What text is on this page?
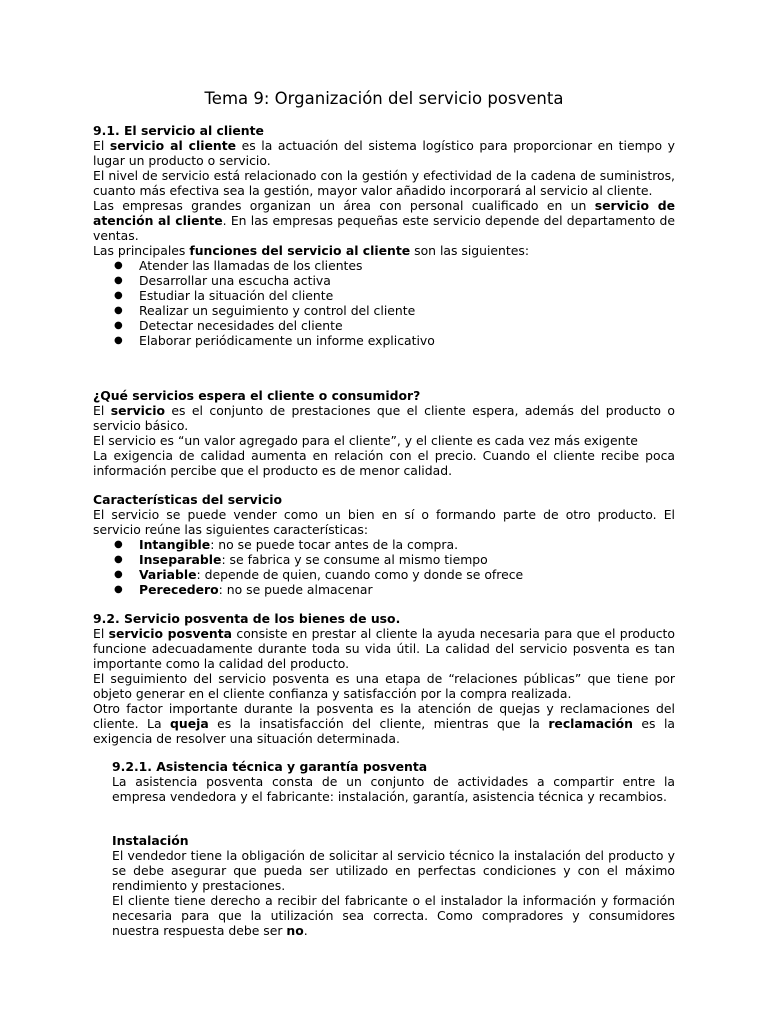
Tema 9: Organización del servicio posventa
9.1. El servicio al cliente

El servicio al cliente es la actuación del sistema logístico para proporcionar en tiempo y lugar un producto o servicio.

El nivel de servicio está relacionado con la gestión y efectividad de la cadena de suministros, cuanto más efectiva sea la gestión, mayor valor añadido incorporará al servicio al cliente.

Las empresas grandes organizan un área con personal cualificado en un servicio de atención al cliente. En las empresas pequeñas este servicio depende del departamento de ventas.

Las principales funciones del servicio al cliente son las siguientes:

● Atender las llamadas de los clientes
● Desarrollar una escucha activa
● Estudiar la situación del cliente
● Realizar un seguimiento y control del cliente
● Detectar necesidades del cliente
● Elaborar periódicamente un informe explicativo
¿Qué servicios espera el cliente o consumidor?

El servicio es el conjunto de prestaciones que el cliente espera, además del producto o servicio básico.

El servicio es “un valor agregado para el cliente”, y el cliente es cada vez más exigente

La exigencia de calidad aumenta en relación con el precio. Cuando el cliente recibe poca información percibe que el producto es de menor calidad.

Características del servicio

El servicio se puede vender como un bien en sí o formando parte de otro producto. El servicio reúne las siguientes características:

● Intangible: no se puede tocar antes de la compra.
● Inseparable: se fabrica y se consume al mismo tiempo
● Variable: depende de quien, cuando como y donde se ofrece
● Perecedero: no se puede almacenar
9.2. Servicio posventa de los bienes de uso.

El servicio posventa consiste en prestar al cliente la ayuda necesaria para que el producto funcione adecuadamente durante toda su vida útil. La calidad del servicio posventa es tan importante como la calidad del producto.

El seguimiento del servicio posventa es una etapa de “relaciones públicas” que tiene por objeto generar en el cliente confianza y satisfacción por la compra realizada.

Otro factor importante durante la posventa es la atención de quejas y reclamaciones del cliente. La queja es la insatisfacción del cliente, mientras que la reclamación es la exigencia de resolver una situación determinada.

9.2.1. Asistencia técnica y garantía posventa

La asistencia posventa consta de un conjunto de actividades a compartir entre la empresa vendedora y el fabricante: instalación, garantía, asistencia técnica y recambios.

Instalación

El vendedor tiene la obligación de solicitar al servicio técnico la instalación del producto y se debe asegurar que pueda ser utilizado en perfectas condiciones y con el máximo rendimiento y prestaciones.

El cliente tiene derecho a recibir del fabricante o el instalador la información y formación necesaria para que la utilización sea correcta. Como compradores y consumidores nuestra respuesta debe ser no.
